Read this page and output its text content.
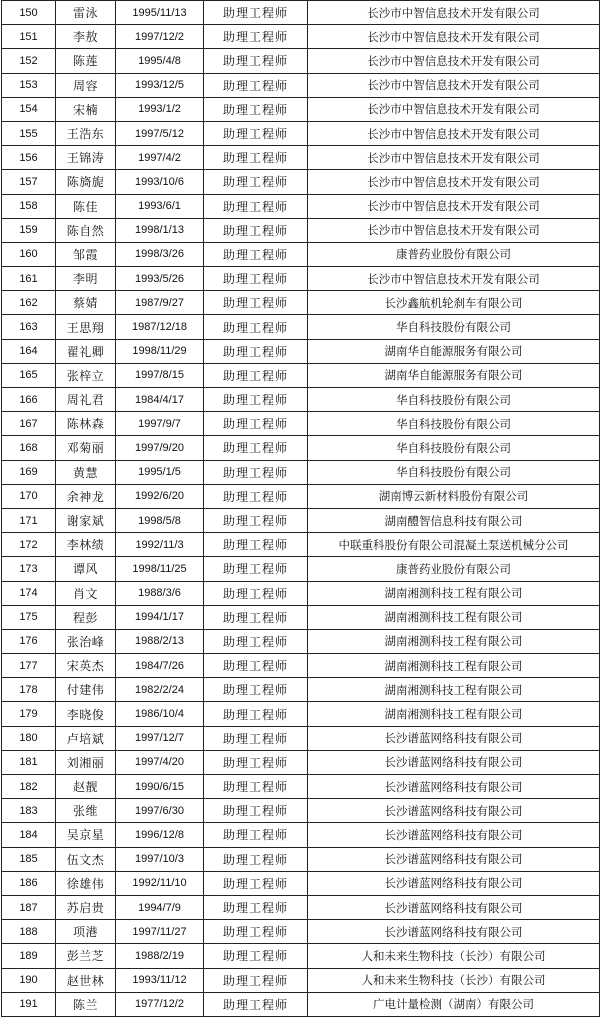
150	雷泳	1995/11/13	助理工程师	长沙市中智信息技术开发有限公司
151	李敖	1997/12/2	助理工程师	长沙市中智信息技术开发有限公司
152	陈莲	1995/4/8	助理工程师	长沙市中智信息技术开发有限公司
153	周容	1993/12/5	助理工程师	长沙市中智信息技术开发有限公司
154	宋楠	1993/1/2	助理工程师	长沙市中智信息技术开发有限公司
155	王浩东	1997/5/12	助理工程师	长沙市中智信息技术开发有限公司
156	王锦涛	1997/4/2	助理工程师	长沙市中智信息技术开发有限公司
157	陈旖旎	1993/10/6	助理工程师	长沙市中智信息技术开发有限公司
158	陈佳	1993/6/1	助理工程师	长沙市中智信息技术开发有限公司
159	陈自然	1998/1/13	助理工程师	长沙市中智信息技术开发有限公司
160	邹霞	1998/3/26	助理工程师	康普药业股份有限公司
161	李明	1993/5/26	助理工程师	长沙市中智信息技术开发有限公司
162	蔡婧	1987/9/27	助理工程师	长沙鑫航机轮刹车有限公司
163	王思翔	1987/12/18	助理工程师	华自科技股份有限公司
164	翟礼卿	1998/11/29	助理工程师	湖南华自能源服务有限公司
165	张梓立	1997/8/15	助理工程师	湖南华自能源服务有限公司
166	周礼君	1984/4/17	助理工程师	华自科技股份有限公司
167	陈林森	1997/9/7	助理工程师	华自科技股份有限公司
168	邓菊丽	1997/9/20	助理工程师	华自科技股份有限公司
169	黄慧	1995/1/5	助理工程师	华自科技股份有限公司
170	余神龙	1992/6/20	助理工程师	湖南博云新材料股份有限公司
171	谢家斌	1998/5/8	助理工程师	湖南醴智信息科技有限公司
172	李林绩	1992/11/3	助理工程师	中联重科股份有限公司混凝土泵送机械分公司
173	谭风	1998/11/25	助理工程师	康普药业股份有限公司
174	肖文	1988/3/6	助理工程师	湖南湘测科技工程有限公司
175	程彭	1994/1/17	助理工程师	湖南湘测科技工程有限公司
176	张治峰	1988/2/13	助理工程师	湖南湘测科技工程有限公司
177	宋英杰	1984/7/26	助理工程师	湖南湘测科技工程有限公司
178	付建伟	1982/2/24	助理工程师	湖南湘测科技工程有限公司
179	李晓俊	1986/10/4	助理工程师	湖南湘测科技工程有限公司
180	卢培斌	1997/12/7	助理工程师	长沙谱蓝网络科技有限公司
181	刘湘丽	1997/4/20	助理工程师	长沙谱蓝网络科技有限公司
182	赵靓	1990/6/15	助理工程师	长沙谱蓝网络科技有限公司
183	张维	1997/6/30	助理工程师	长沙谱蓝网络科技有限公司
184	吴京星	1996/12/8	助理工程师	长沙谱蓝网络科技有限公司
185	伍文杰	1997/10/3	助理工程师	长沙谱蓝网络科技有限公司
186	徐雄伟	1992/11/10	助理工程师	长沙谱蓝网络科技有限公司
187	苏启贵	1994/7/9	助理工程师	长沙谱蓝网络科技有限公司
188	项港	1997/11/27	助理工程师	长沙谱蓝网络科技有限公司
189	彭兰芝	1988/2/19	助理工程师	人和未来生物科技（长沙）有限公司
190	赵世林	1993/11/12	助理工程师	人和未来生物科技（长沙）有限公司
191	陈兰	1977/12/2	助理工程师	广电计量检测（湖南）有限公司
